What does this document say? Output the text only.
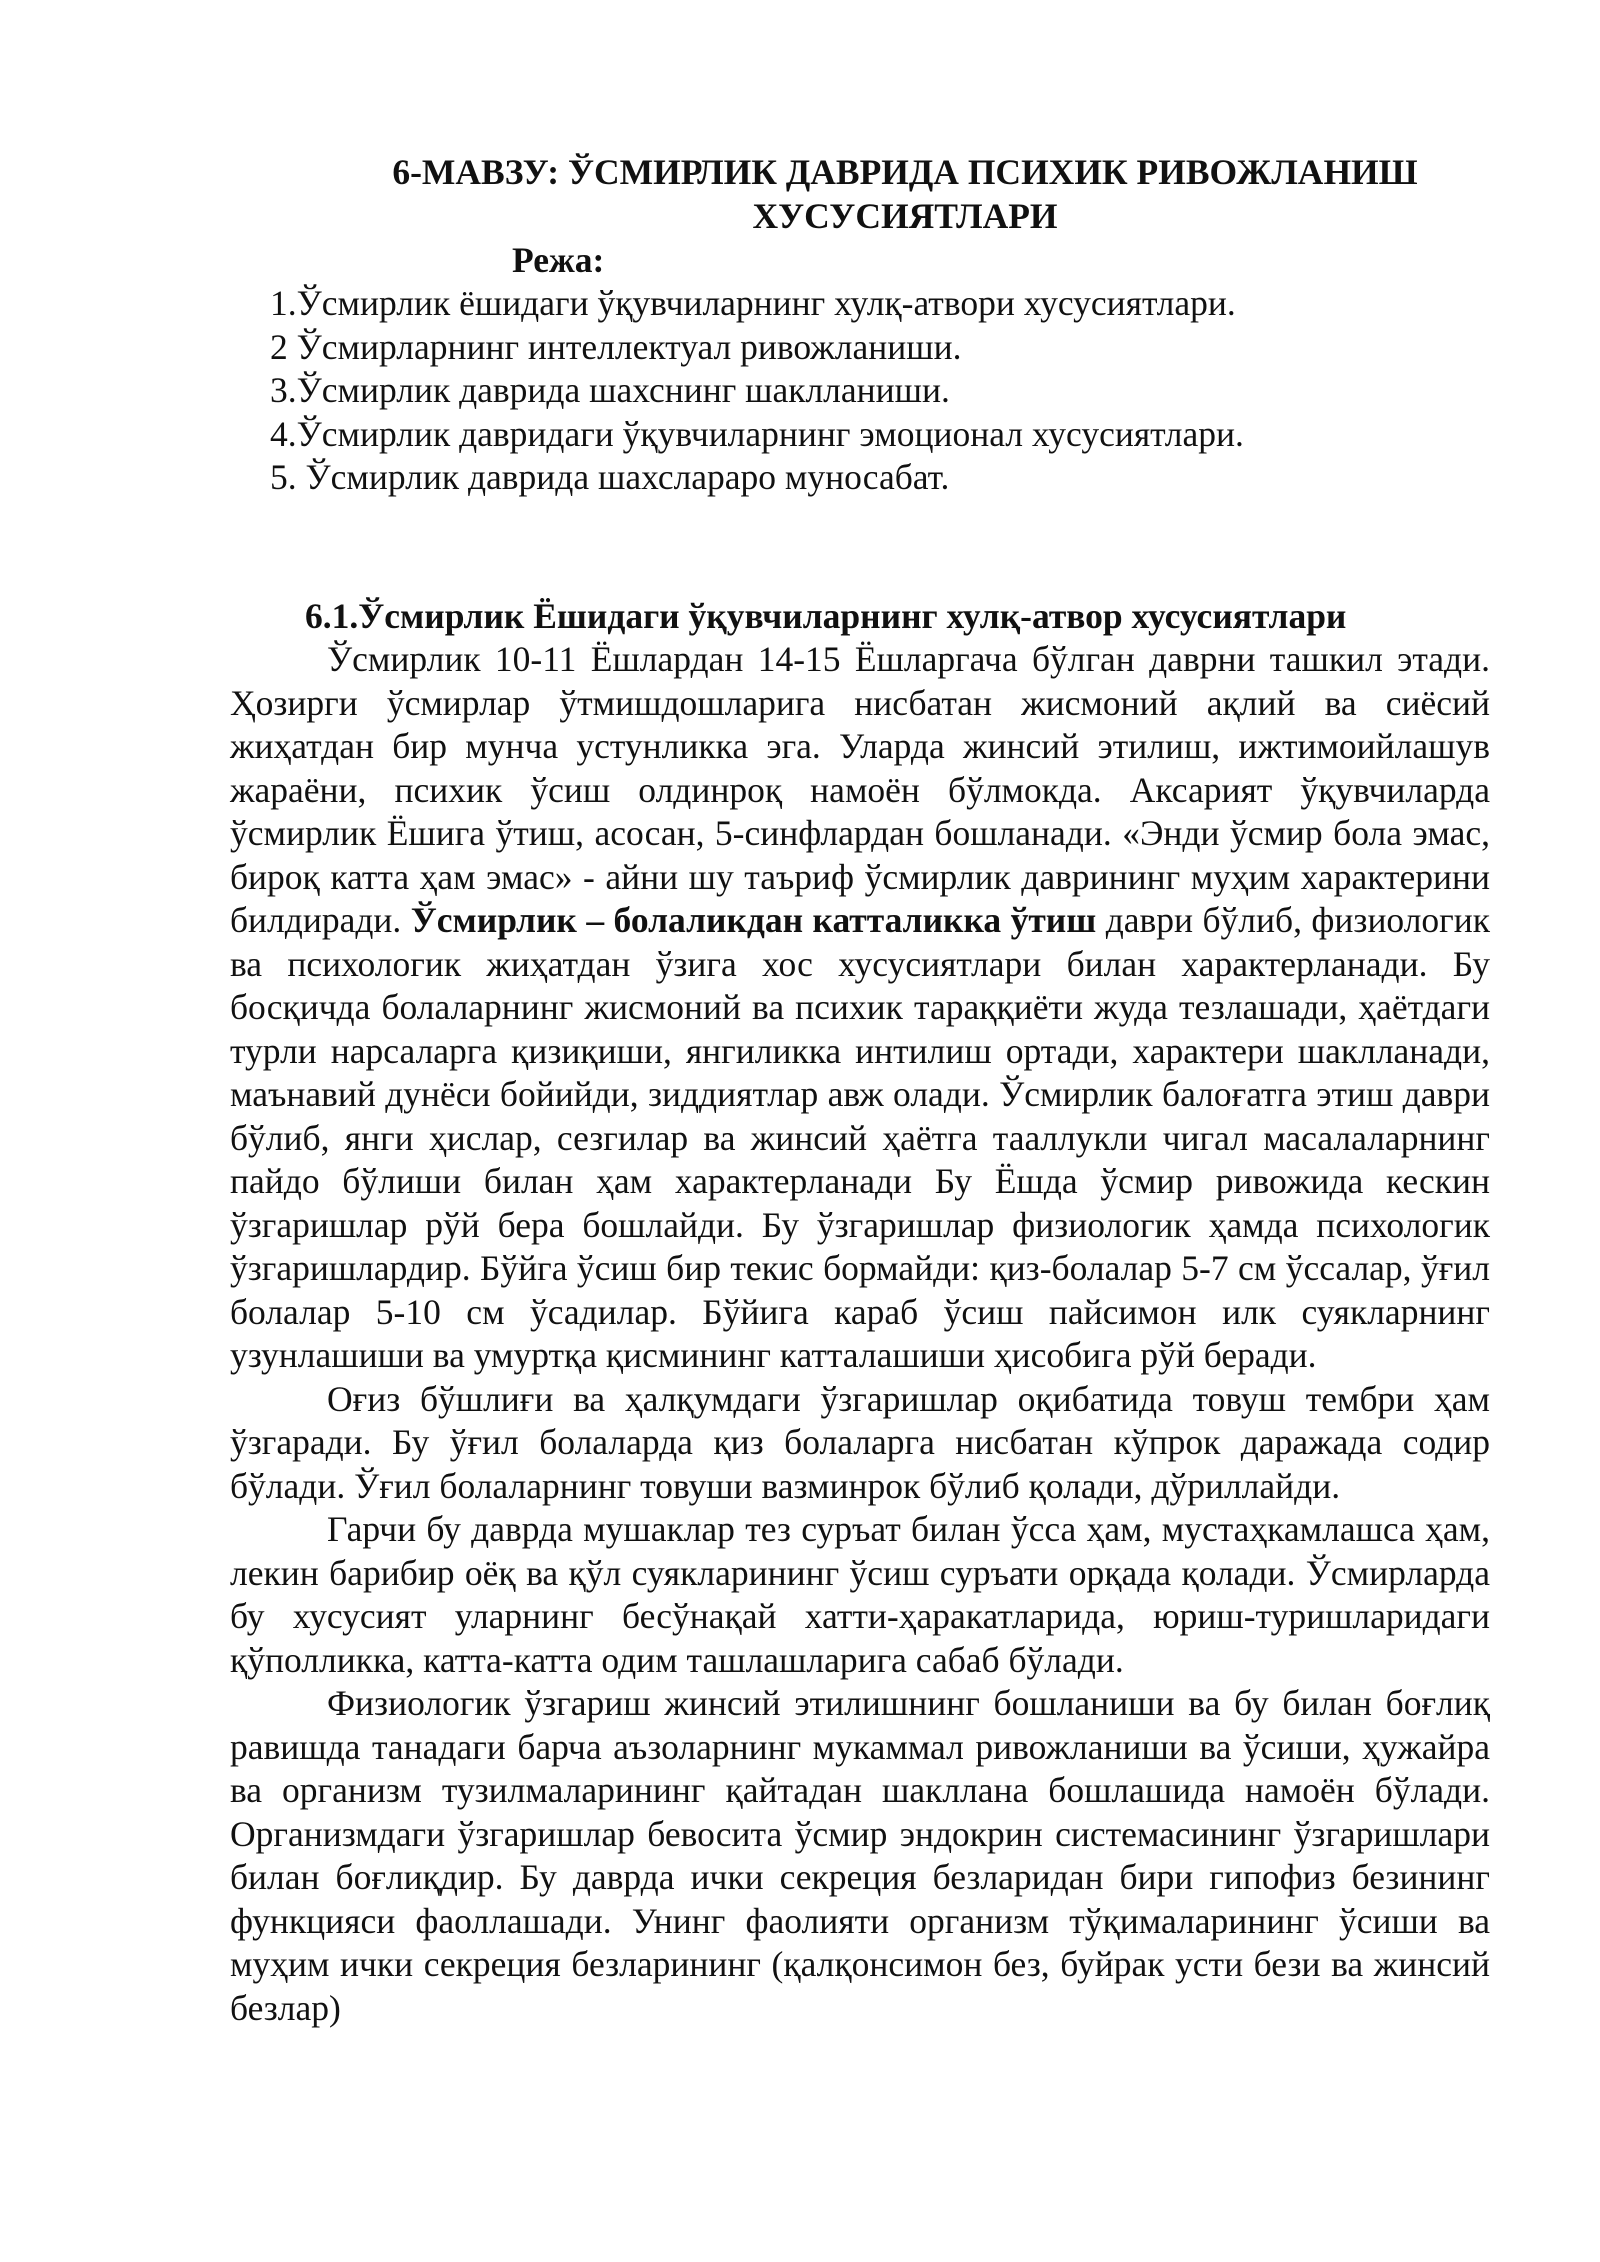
6-МАВЗУ: ЎСМИРЛИК ДАВРИДА ПСИХИК РИВОЖЛАНИШ
ХУСУСИЯТЛАРИ
Режа:
1.Ўсмирлик ёшидаги ўқувчиларнинг хулқ-атвори хусусиятлари.
2 Ўсмирларнинг интеллектуал ривожланиши.
3.Ўсмирлик даврида шахснинг шаклланиши.
4.Ўсмирлик давридаги ўқувчиларнинг эмоционал хусусиятлари.
5. Ўсмирлик даврида шахслараро муносабат.
6.1.Ўсмирлик Ёшидаги ўқувчиларнинг хулқ-атвор хусусиятлари

Ўсмирлик 10-11 Ёшлардан 14-15 Ёшларгача бўлган даврни ташкил этади. Ҳозирги ўсмирлар ўтмишдошларига нисбатан жисмоний ақлий ва сиёсий жиҳатдан бир мунча устунликка эга. Уларда жинсий этилиш, ижтимоийлашув жараёни, психик ўсиш олдинроқ намоён бўлмокда. Аксарият ўқувчиларда ўсмирлик Ёшига ўтиш, асосан, 5-синфлардан бошланади. «Энди ўсмир бола эмас, бироқ катта ҳам эмас» - айни шу таъриф ўсмирлик даврининг муҳим характерини билдиради. Ўсмирлик – болаликдан катталикка ўтиш даври бўлиб, физиологик ва психологик жиҳатдан ўзига хос хусусиятлари билан характерланади. Бу босқичда болаларнинг жисмоний ва психик тараққиёти жуда тезлашади, ҳаётдаги турли нарсаларга қизиқиши, янгиликка интилиш ортади, характери шаклланади, маънавий дунёси бойийди, зиддиятлар авж олади. Ўсмирлик балоғатга этиш даври бўлиб, янги ҳислар, сезгилар ва жинсий ҳаётга таaллукли чигал масалаларнинг пайдо бўлиши билан ҳам характерланади Бу Ёшда ўсмир ривожида кескин ўзгаришлар рўй бера бошлайди. Бу ўзгаришлар физиологик ҳамда психологик ўзгаришлардир. Бўйга ўсиш бир текис бормайди: қиз-болалар 5-7 см ўссалар, ўғил болалар 5-10 см ўсадилар. Бўйига караб ўсиш пайсимон илк суякларнинг узунлашиши ва умуртқа қисмининг катталашиши ҳисобига рўй беради.

Оғиз бўшлиғи ва ҳалқумдаги ўзгаришлар оқибатида товуш тембри ҳам ўзгаради. Бу ўғил болаларда қиз болаларга нисбатан кўпрок даражада содир бўлади. Ўғил болаларнинг товуши вазминрок бўлиб қолади, дўриллайди.

Гарчи бу даврда мушаклар тез суръат билан ўсса ҳам, мустаҳкамлашса ҳам, лекин барибир оёқ ва қўл суякларининг ўсиш суръати орқада қолади. Ўсмирларда бу хусусият уларнинг бесўнақай хатти-ҳаракатларида, юриш-туришларидаги қўполликка, катта-катта одим ташлашларига сабаб бўлади.

Физиологик ўзгариш жинсий этилишнинг бошланиши ва бу билан боғлиқ равишда танадаги барча аъзоларнинг мукаммал ривожланиши ва ўсиши, ҳужайра ва организм тузилмаларининг қайтадан шакллана бошлашида намоён бўлади. Организмдаги ўзгаришлар бевосита ўсмир эндокрин системасининг ўзгаришлари билан боғлиқдир. Бу даврда ички секреция безларидан бири гипофиз безининг функцияси фаоллашади. Унинг фаолияти организм тўқималарининг ўсиши ва муҳим ички секреция безларининг (қалқонсимон без, буйрак усти бези ва жинсий безлар)
